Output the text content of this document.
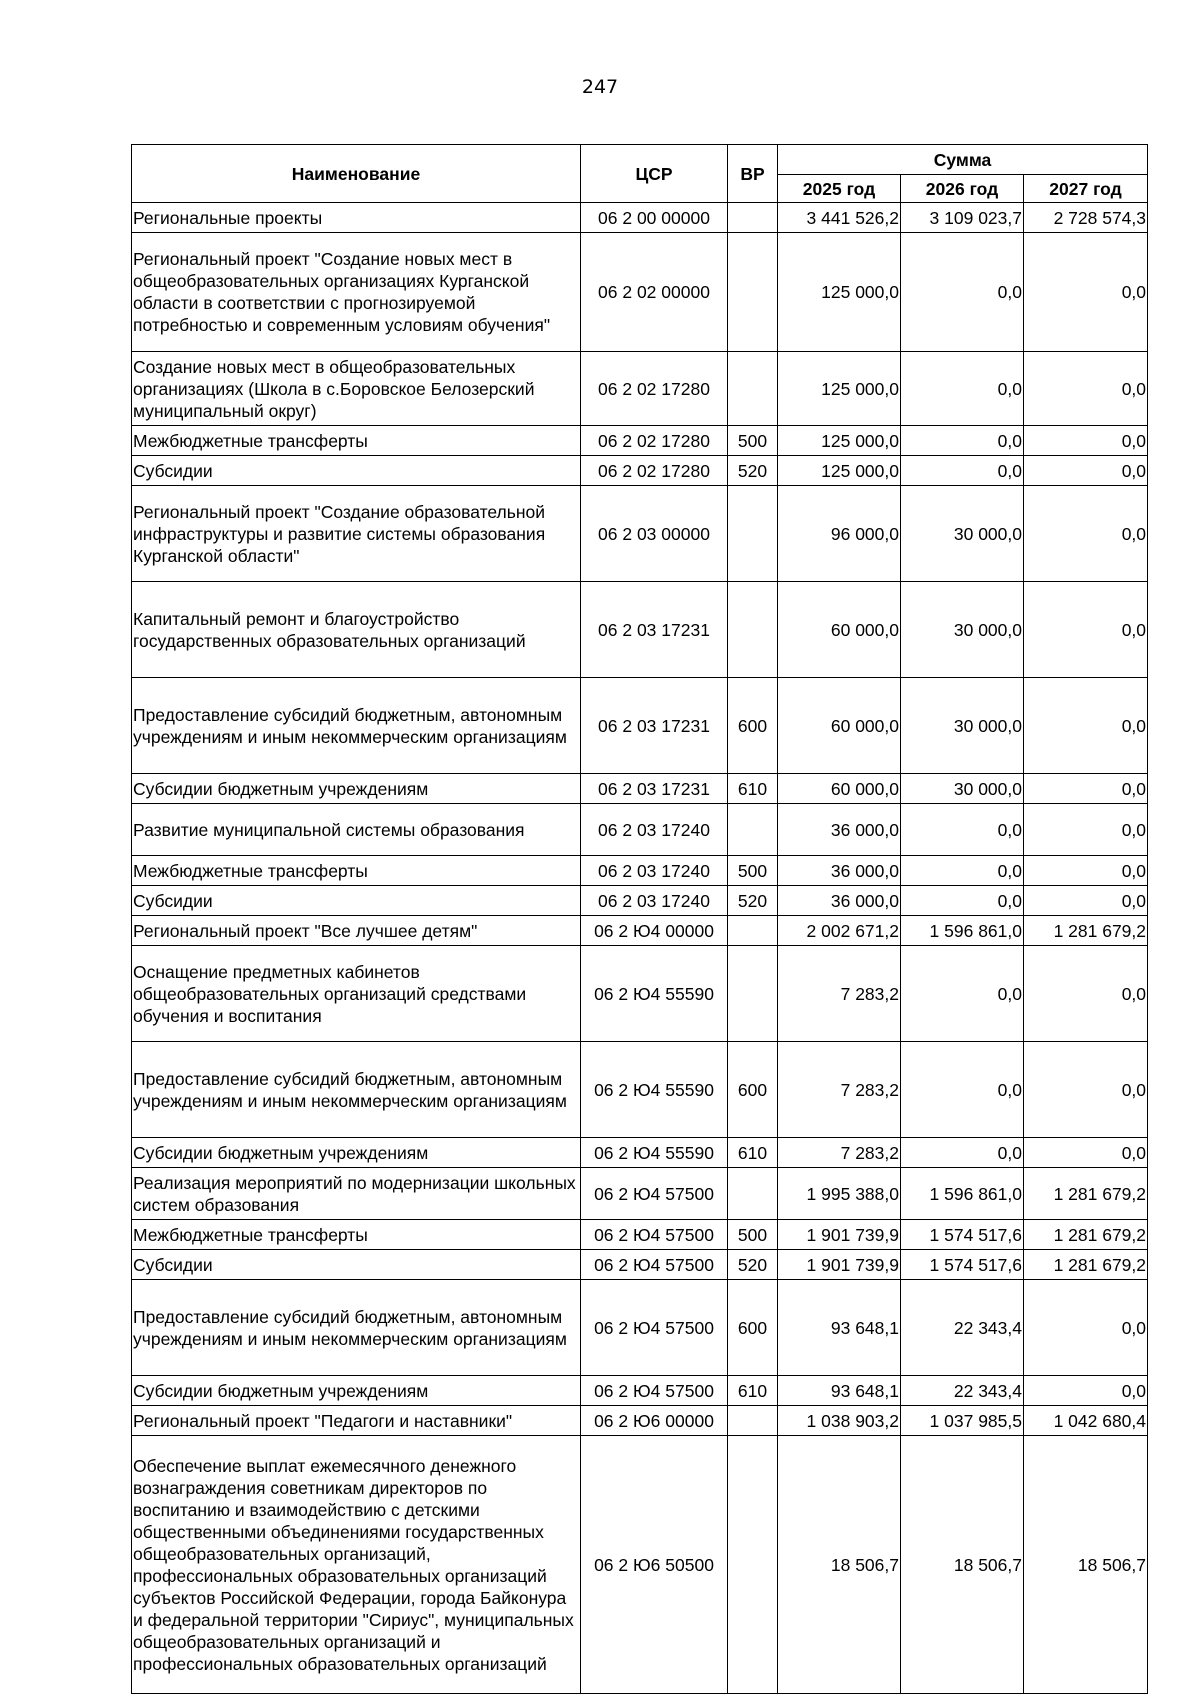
247
Наименование	ЦСР	ВР	Сумма		
			2025 год	2026 год	2027 год
Региональные проекты	06 2 00 00000		3 441 526,2	3 109 023,7	2 728 574,3
Региональный проект "Создание новых мест в общеобразовательных организациях Курганской области в соответствии с прогнозируемой потребностью и современным условиям обучения"	06 2 02 00000		125 000,0	0,0	0,0
Создание новых мест в общеобразовательных организациях (Школа в с.Боровское Белозерский муниципальный округ)	06 2 02 17280		125 000,0	0,0	0,0
Межбюджетные трансферты	06 2 02 17280	500	125 000,0	0,0	0,0
Субсидии	06 2 02 17280	520	125 000,0	0,0	0,0
Региональный проект "Создание образовательной инфраструктуры и развитие системы образования Курганской области"	06 2 03 00000		96 000,0	30 000,0	0,0
Капитальный ремонт и благоустройство государственных образовательных организаций	06 2 03 17231		60 000,0	30 000,0	0,0
Предоставление субсидий бюджетным, автономным учреждениям и иным некоммерческим организациям	06 2 03 17231	600	60 000,0	30 000,0	0,0
Субсидии бюджетным учреждениям	06 2 03 17231	610	60 000,0	30 000,0	0,0
Развитие муниципальной системы образования	06 2 03 17240		36 000,0	0,0	0,0
Межбюджетные трансферты	06 2 03 17240	500	36 000,0	0,0	0,0
Субсидии	06 2 03 17240	520	36 000,0	0,0	0,0
Региональный проект "Все лучшее детям"	06 2 Ю4 00000		2 002 671,2	1 596 861,0	1 281 679,2
Оснащение предметных кабинетов общеобразовательных организаций средствами обучения и воспитания	06 2 Ю4 55590		7 283,2	0,0	0,0
Предоставление субсидий бюджетным, автономным учреждениям и иным некоммерческим организациям	06 2 Ю4 55590	600	7 283,2	0,0	0,0
Субсидии бюджетным учреждениям	06 2 Ю4 55590	610	7 283,2	0,0	0,0
Реализация мероприятий по модернизации школьных систем образования	06 2 Ю4 57500		1 995 388,0	1 596 861,0	1 281 679,2
Межбюджетные трансферты	06 2 Ю4 57500	500	1 901 739,9	1 574 517,6	1 281 679,2
Субсидии	06 2 Ю4 57500	520	1 901 739,9	1 574 517,6	1 281 679,2
Предоставление субсидий бюджетным, автономным учреждениям и иным некоммерческим организациям	06 2 Ю4 57500	600	93 648,1	22 343,4	0,0
Субсидии бюджетным учреждениям	06 2 Ю4 57500	610	93 648,1	22 343,4	0,0
Региональный проект "Педагоги и наставники"	06 2 Ю6 00000		1 038 903,2	1 037 985,5	1 042 680,4
Обеспечение выплат ежемесячного денежного вознаграждения советникам директоров по воспитанию и взаимодействию с детскими общественными объединениями государственных общеобразовательных организаций, профессиональных образовательных организаций субъектов Российской Федерации, города Байконура и федеральной территории "Сириус", муниципальных общеобразовательных организаций и профессиональных образовательных организаций	06 2 Ю6 50500		18 506,7	18 506,7	18 506,7
